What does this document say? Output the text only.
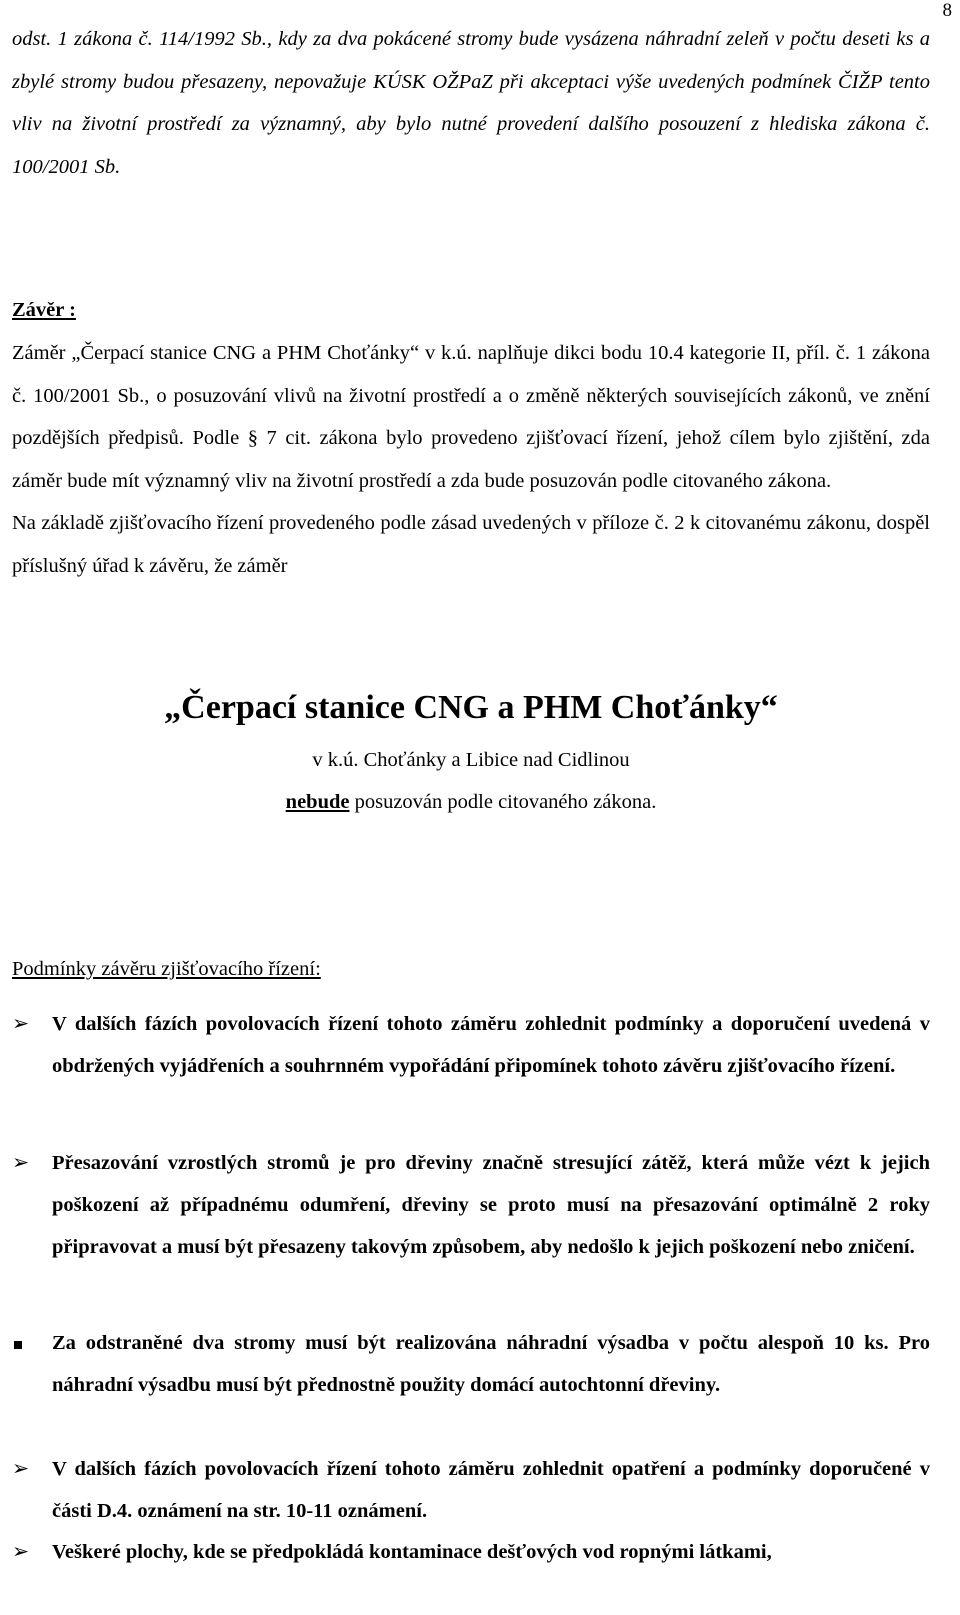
8

odst. 1 zákona č. 114/1992 Sb., kdy za dva pokácené stromy bude vysázena náhradní zeleň v počtu deseti ks a zbylé stromy budou přesazeny, nepovažuje KÚSK OŽPaZ při akceptaci výše uvedených podmínek ČIŽP tento vliv na životní prostředí za významný, aby bylo nutné provedení dalšího posouzení z hlediska zákona č. 100/2001 Sb.

Závěr :

Záměr „Čerpací stanice CNG a PHM Choťánky“ v k.ú. naplňuje dikci bodu 10.4 kategorie II, příl. č. 1 zákona č. 100/2001 Sb., o posuzování vlivů na životní prostředí a o změně některých souvisejících zákonů, ve znění pozdějších předpisů. Podle § 7 cit. zákona bylo provedeno zjišťovací řízení, jehož cílem bylo zjištění, zda záměr bude mít významný vliv na životní prostředí a zda bude posuzován podle citovaného zákona.

Na základě zjišťovacího řízení provedeného podle zásad uvedených v příloze č. 2 k citovanému zákonu, dospěl příslušný úřad k závěru, že záměr

„Čerpací stanice CNG a PHM Choťánky“
v k.ú. Choťánky a Libice nad Cidlinou
nebude posuzován podle citovaného zákona.
Podmínky závěru zjišťovacího řízení:
➢	V dalších fázích povolovacích řízení tohoto záměru zohlednit podmínky a doporučení uvedená v obdržených vyjádřeních a souhrnném vypořádání připomínek tohoto závěru zjišťovacího řízení.
➢	Přesazování vzrostlých stromů je pro dřeviny značně stresující zátěž, která může vézt k jejich poškození až případnému odumření, dřeviny se proto musí na přesazování optimálně 2 roky připravovat a musí být přesazeny takovým způsobem, aby nedošlo k jejich poškození nebo zničení.
Za odstraněné dva stromy musí být realizována náhradní výsadba v počtu alespoň 10 ks. Pro náhradní výsadbu musí být přednostně použity domácí autochtonní dřeviny.
➢	V dalších fázích povolovacích řízení tohoto záměru zohlednit opatření a podmínky doporučené v části D.4. oznámení na str. 10-11 oznámení.
➢	Veškeré plochy, kde se předpokládá kontaminace dešťových vod ropnými látkami,
